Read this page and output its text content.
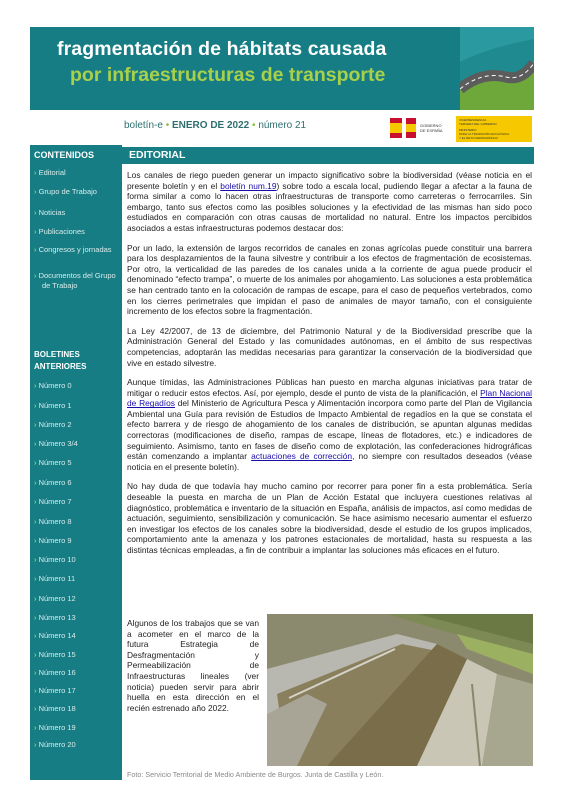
fragmentación de hábitats causada
por infraestructuras de transporte
boletín-e • ENERO DE 2022 • número 21	GOBIERNO
DE ESPAÑA
VICEPRESIDENCIA
TERCERA DEL GOBIERNO
MINISTERIO
PARA LA TRANSICIÓN ECOLÓGICA
Y EL RETO DEMOGRÁFICO
CONTENIDOS
› Editorial
› Grupo de Trabajo
› Noticias
› Publicaciones
› Congresos y jornadas
› Documentos del Grupo de Trabajo
BOLETINES ANTERIORES
› Número 0
› Número 1
› Número 2
› Número 3/4
› Número 5
› Número 6
› Número 7
› Número 8
› Número 9
› Número 10
› Número 11
› Número 12
› Número 13
› Número 14
› Número 15
› Número 16
› Número 17
› Número 18
› Número 19
› Número 20
EDITORIAL

Los canales de riego pueden generar un impacto significativo sobre la biodiversidad (véase noticia en el presente boletín y en el boletín num.19) sobre todo a escala local, pudiendo llegar a afectar a la fauna de forma similar a como lo hacen otras infraestructuras de transporte como carreteras o ferrocarriles. Sin embargo, tanto sus efectos como las posibles soluciones y la efectividad de las mismas han sido poco estudiados en comparación con otras causas de mortalidad no natural. Entre los impactos percibidos asociados a estas infraestructuras podemos destacar dos:

Por un lado, la extensión de largos recorridos de canales en zonas agrícolas puede constituir una barrera para los desplazamientos de la fauna silvestre y contribuir a los efectos de fragmentación de ecosistemas. Por otro, la verticalidad de las paredes de los canales unida a la corriente de agua puede producir el denominado “efecto trampa”, o muerte de los animales por ahogamiento. Las soluciones a esta problemática se han centrado tanto en la colocación de rampas de escape, para el caso de pequeños vertebrados, como en los cierres perimetrales que impidan el paso de animales de mayor tamaño, con el consiguiente incremento de los efectos sobre la fragmentación.

La Ley 42/2007, de 13 de diciembre, del Patrimonio Natural y de la Biodiversidad prescribe que la Administración General del Estado y las comunidades autónomas, en el ámbito de sus respectivas competencias, adoptarán las medidas necesarias para garantizar la conservación de la biodiversidad que vive en estado silvestre.

Aunque tímidas, las Administraciones Públicas han puesto en marcha algunas iniciativas para tratar de mitigar o reducir estos efectos. Así, por ejemplo, desde el punto de vista de la planificación, el Plan Nacional de Regadíos del Ministerio de Agricultura Pesca y Alimentación incorpora como parte del Plan de Vigilancia Ambiental una Guía para revisión de Estudios de Impacto Ambiental de regadíos en la que se constata el efecto barrera y de riesgo de ahogamiento de los canales de distribución, se apuntan algunas medidas correctoras (modificaciones de diseño, rampas de escape, líneas de flotadores, etc.) e indicadores de seguimiento. Asimismo, tanto en fases de diseño como de explotación, las confederaciones hidrográficas están comenzando a implantar actuaciones de corrección, no siempre con resultados deseados (véase noticia en el presente boletín).

No hay duda de que todavía hay mucho camino por recorrer para poner fin a esta problemática. Sería deseable la puesta en marcha de un Plan de Acción Estatal que incluyera cuestiones relativas al diagnóstico, problemática e inventario de la situación en España, análisis de impactos, así como medidas de actuación, seguimiento, sensibilización y comunicación. Se hace asimismo necesario aumentar el esfuerzo en investigar los efectos de los canales sobre la biodiversidad, desde el estudio de los grupos implicados, comportamiento ante la amenaza y los patrones estacionales de mortalidad, hasta su respuesta a las distintas técnicas empleadas, a fin de contribuir a implantar las soluciones más eficaces en el futuro.

Algunos de los trabajos que se van a acometer en el marco de la futura Estrategia de Desfragmentación y Permeabilización de Infraestructuras lineales (ver noticia) pueden servir para abrir huella en esta dirección en el recién estrenado año 2022.
Foto: Servicio Territorial de Medio Ambiente de Burgos. Junta de Castilla y León.
